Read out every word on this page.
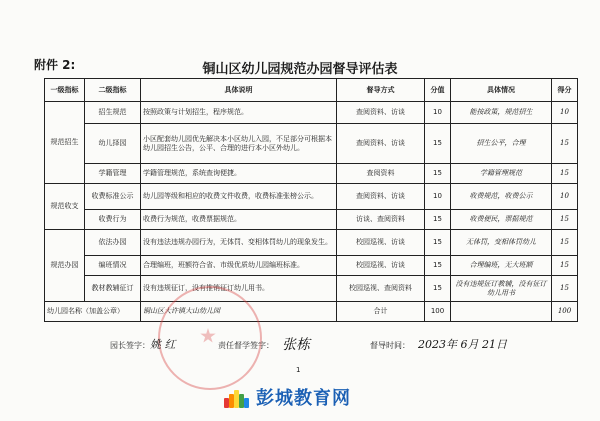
附件 2:	铜山区幼儿园规范办园督导评估表
一级指标	二级指标	具体说明	督导方式	分值	具体情况	得分
规范招生	招生规范	按照政策与计划招生，程序规范。	查阅资料、访谈	10	能按政策，规范招生	10
	幼儿择园	小区配套幼儿园优先解决本小区幼儿入园，不足部分可根据本幼儿园招生公告，公平、合理的进行本小区外幼儿。	查阅资料、访谈	15	招生公平，合理	15
	学籍管理	学籍管理规范，系统查询便捷。	查阅资料	15	学籍管理规范	15
规范收支	收费标准公示	幼儿园等级和相应的收费文件收费，收费标准张榜公示。	查阅资料、访谈	10	收费规范，收费公示	10
	收费行为	收费行为规范，收费票据规范。	访谈、查阅资料	15	收费便民，票据规范	15
规范办园	依法办园	没有违法违规办园行为，无体罚、变相体罚幼儿的现象发生。	校园巡视、访谈	15	无体罚，变相体罚幼儿	15
	编班情况	合理编班，班额符合省、市级优质幼儿园编班标准。	校园巡视、访谈	15	合理编班，无大班额	15
	教材教辅征订	没有违规征订，没有推销征订幼儿用书。	校园巡视、查阅资料	15	没有违规征订教辅，没有征订幼儿用书	15
幼儿园名称（加盖公章）		铜山区大许镇大山幼儿园	合计	100		100
园长签字： 姚 红	责任督学签字： 张栋	督导时间： 2023年 6月 21日
1
彭城教育网
